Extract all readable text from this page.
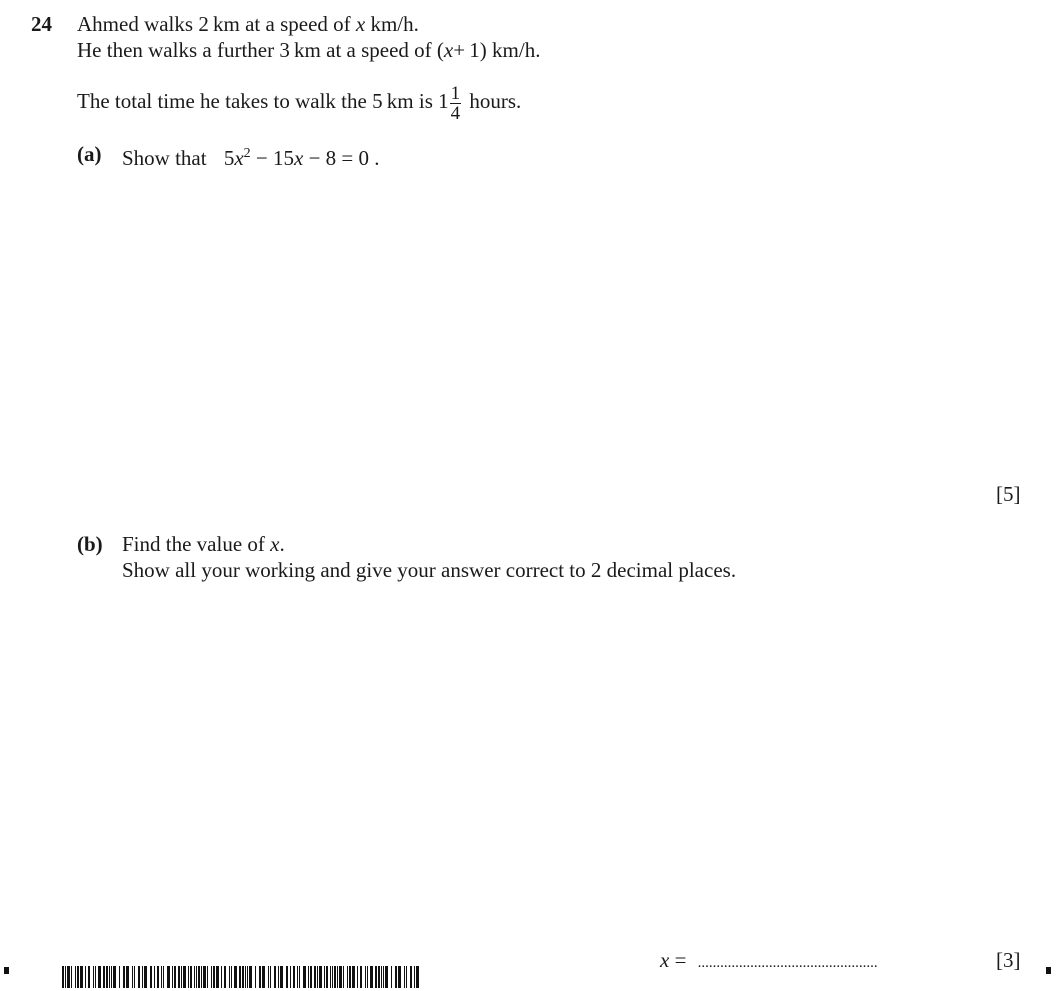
24 Ahmed walks 2 km at a speed of x km/h.
He then walks a further 3 km at a speed of (x+ 1) km/h.
The total time he takes to walk the 5 km is $1 \frac{1}{4}$ hours.
(a) Show that $5x^2 - 15x - 8 = 0$ .
[5]
(b) Find the value of x.
Show all your working and give your answer correct to 2 decimal places.
x = ................................................	[3]
